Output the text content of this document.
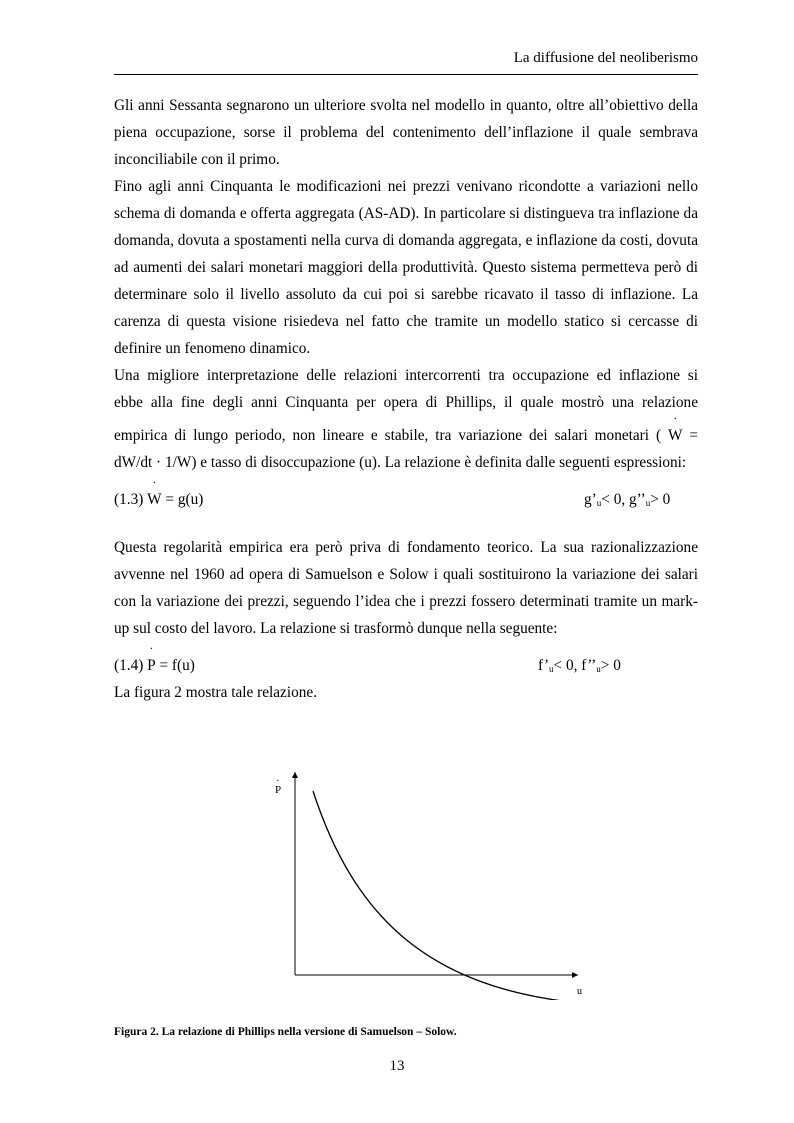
La diffusione del neoliberismo

Gli anni Sessanta segnarono un ulteriore svolta nel modello in quanto, oltre all’obiettivo della piena occupazione, sorse il problema del contenimento dell’inflazione il quale sembrava inconciliabile con il primo.

Fino agli anni Cinquanta le modificazioni nei prezzi venivano ricondotte a variazioni nello schema di domanda e offerta aggregata (AS-AD). In particolare si distingueva tra inflazione da domanda, dovuta a spostamenti nella curva di domanda aggregata, e inflazione da costi, dovuta ad aumenti dei salari monetari maggiori della produttività. Questo sistema permetteva però di determinare solo il livello assoluto da cui poi si sarebbe ricavato il tasso di inflazione. La carenza di questa visione risiedeva nel fatto che tramite un modello statico si cercasse di definire un fenomeno dinamico.

Una migliore interpretazione delle relazioni intercorrenti tra occupazione ed inflazione si

ebbe alla fine degli anni Cinquanta per opera di Phillips, il quale mostrò una relazione

empirica di lungo periodo, non lineare e stabile, tra variazione dei salari monetari ( · W =

dW/dt · 1/W) e tasso di disoccupazione (u). La relazione è definita dalle seguenti espressioni:

(1.3) · W = g(u)	$g’_u< 0$, $g’’_u> 0$

Questa regolarità empirica era però priva di fondamento teorico. La sua razionalizzazione avvenne nel 1960 ad opera di Samuelson e Solow i quali sostituirono la variazione dei salari con la variazione dei prezzi, seguendo l’idea che i prezzi fossero determinati tramite un mark-up sul costo del lavoro. La relazione si trasformò dunque nella seguente:

(1.4) · P = f(u)	$f’_u< 0$, $f’’_u> 0$

La figura 2 mostra tale relazione.

P
·
u
Figura 2. La relazione di Phillips nella versione di Samuelson – Solow.
13
